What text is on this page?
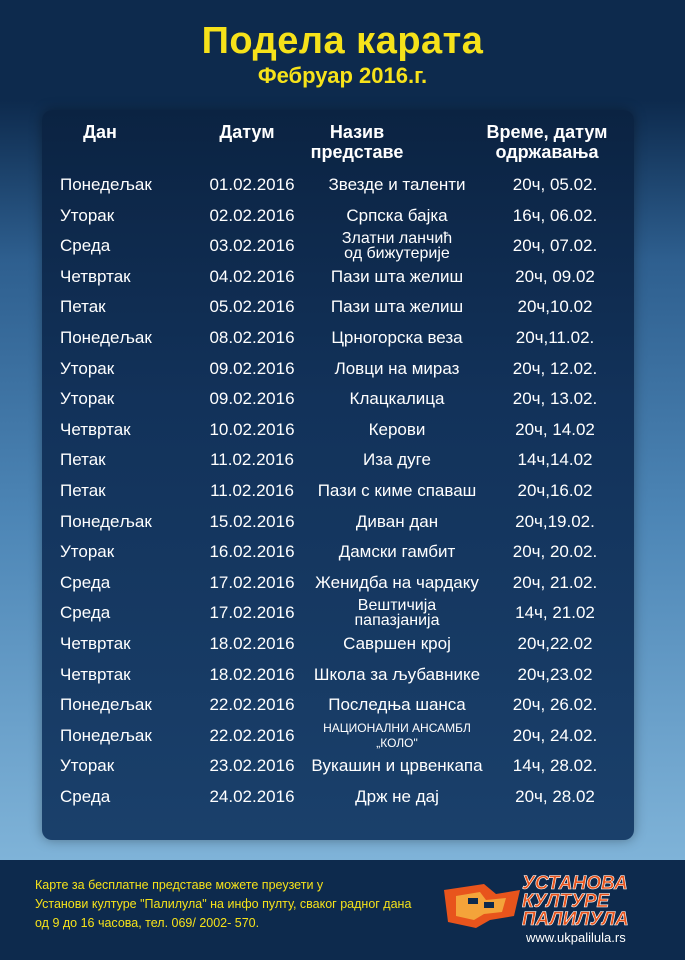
Подела карата
Фебруар 2016.г.
Дан	Датум	Назив
представе
Време, датум
одржавања
Понедељак	01.02.2016	Звезде и таленти	20ч, 05.02.
Уторак	02.02.2016	Српска бајка	16ч, 06.02.
Среда	03.02.2016	Златни ланчић
од бижутерије	20ч, 07.02.
Четвртак	04.02.2016	Пази шта желиш	20ч, 09.02
Петак	05.02.2016	Пази шта желиш	20ч,10.02
Понедељак	08.02.2016	Црногорска веза	20ч,11.02.
Уторак	09.02.2016	Ловци на мираз	20ч, 12.02.
Уторак	09.02.2016	Клацкалица	20ч, 13.02.
Четвртак	10.02.2016	Керови	20ч, 14.02
Петак	11.02.2016	Иза дуге	14ч,14.02
Петак	11.02.2016	Пази с киме спаваш	20ч,16.02
Понедељак	15.02.2016	Диван дан	20ч,19.02.
Уторак	16.02.2016	Дамски гамбит	20ч, 20.02.
Среда	17.02.2016	Женидба на чардаку	20ч, 21.02.
Среда	17.02.2016	Вештичија
папазјанија	14ч, 21.02
Четвртак	18.02.2016	Савршен крој	20ч,22.02
Четвртак	18.02.2016	Школа за љубавнике	20ч,23.02
Понедељак	22.02.2016	Последња шанса	20ч, 26.02.
Понедељак	22.02.2016	НАЦИОНАЛНИ АНСАМБЛ
„КОЛО"	20ч, 24.02.
Уторак	23.02.2016 Вукашин и црвенкапа	14ч, 28.02.
Среда	24.02.2016	Држ не дај	20ч, 28.02
Карте за бесплатне представе можете преузети у
Установи културе "Палилула" на инфо пулту, сваког радног дана
од 9 до 16 часова, тел. 069/ 2002- 570.
УСТАНОВА
КУЛТУРЕ
ПАЛИЛУЛА
www.ukpalilula.rs
